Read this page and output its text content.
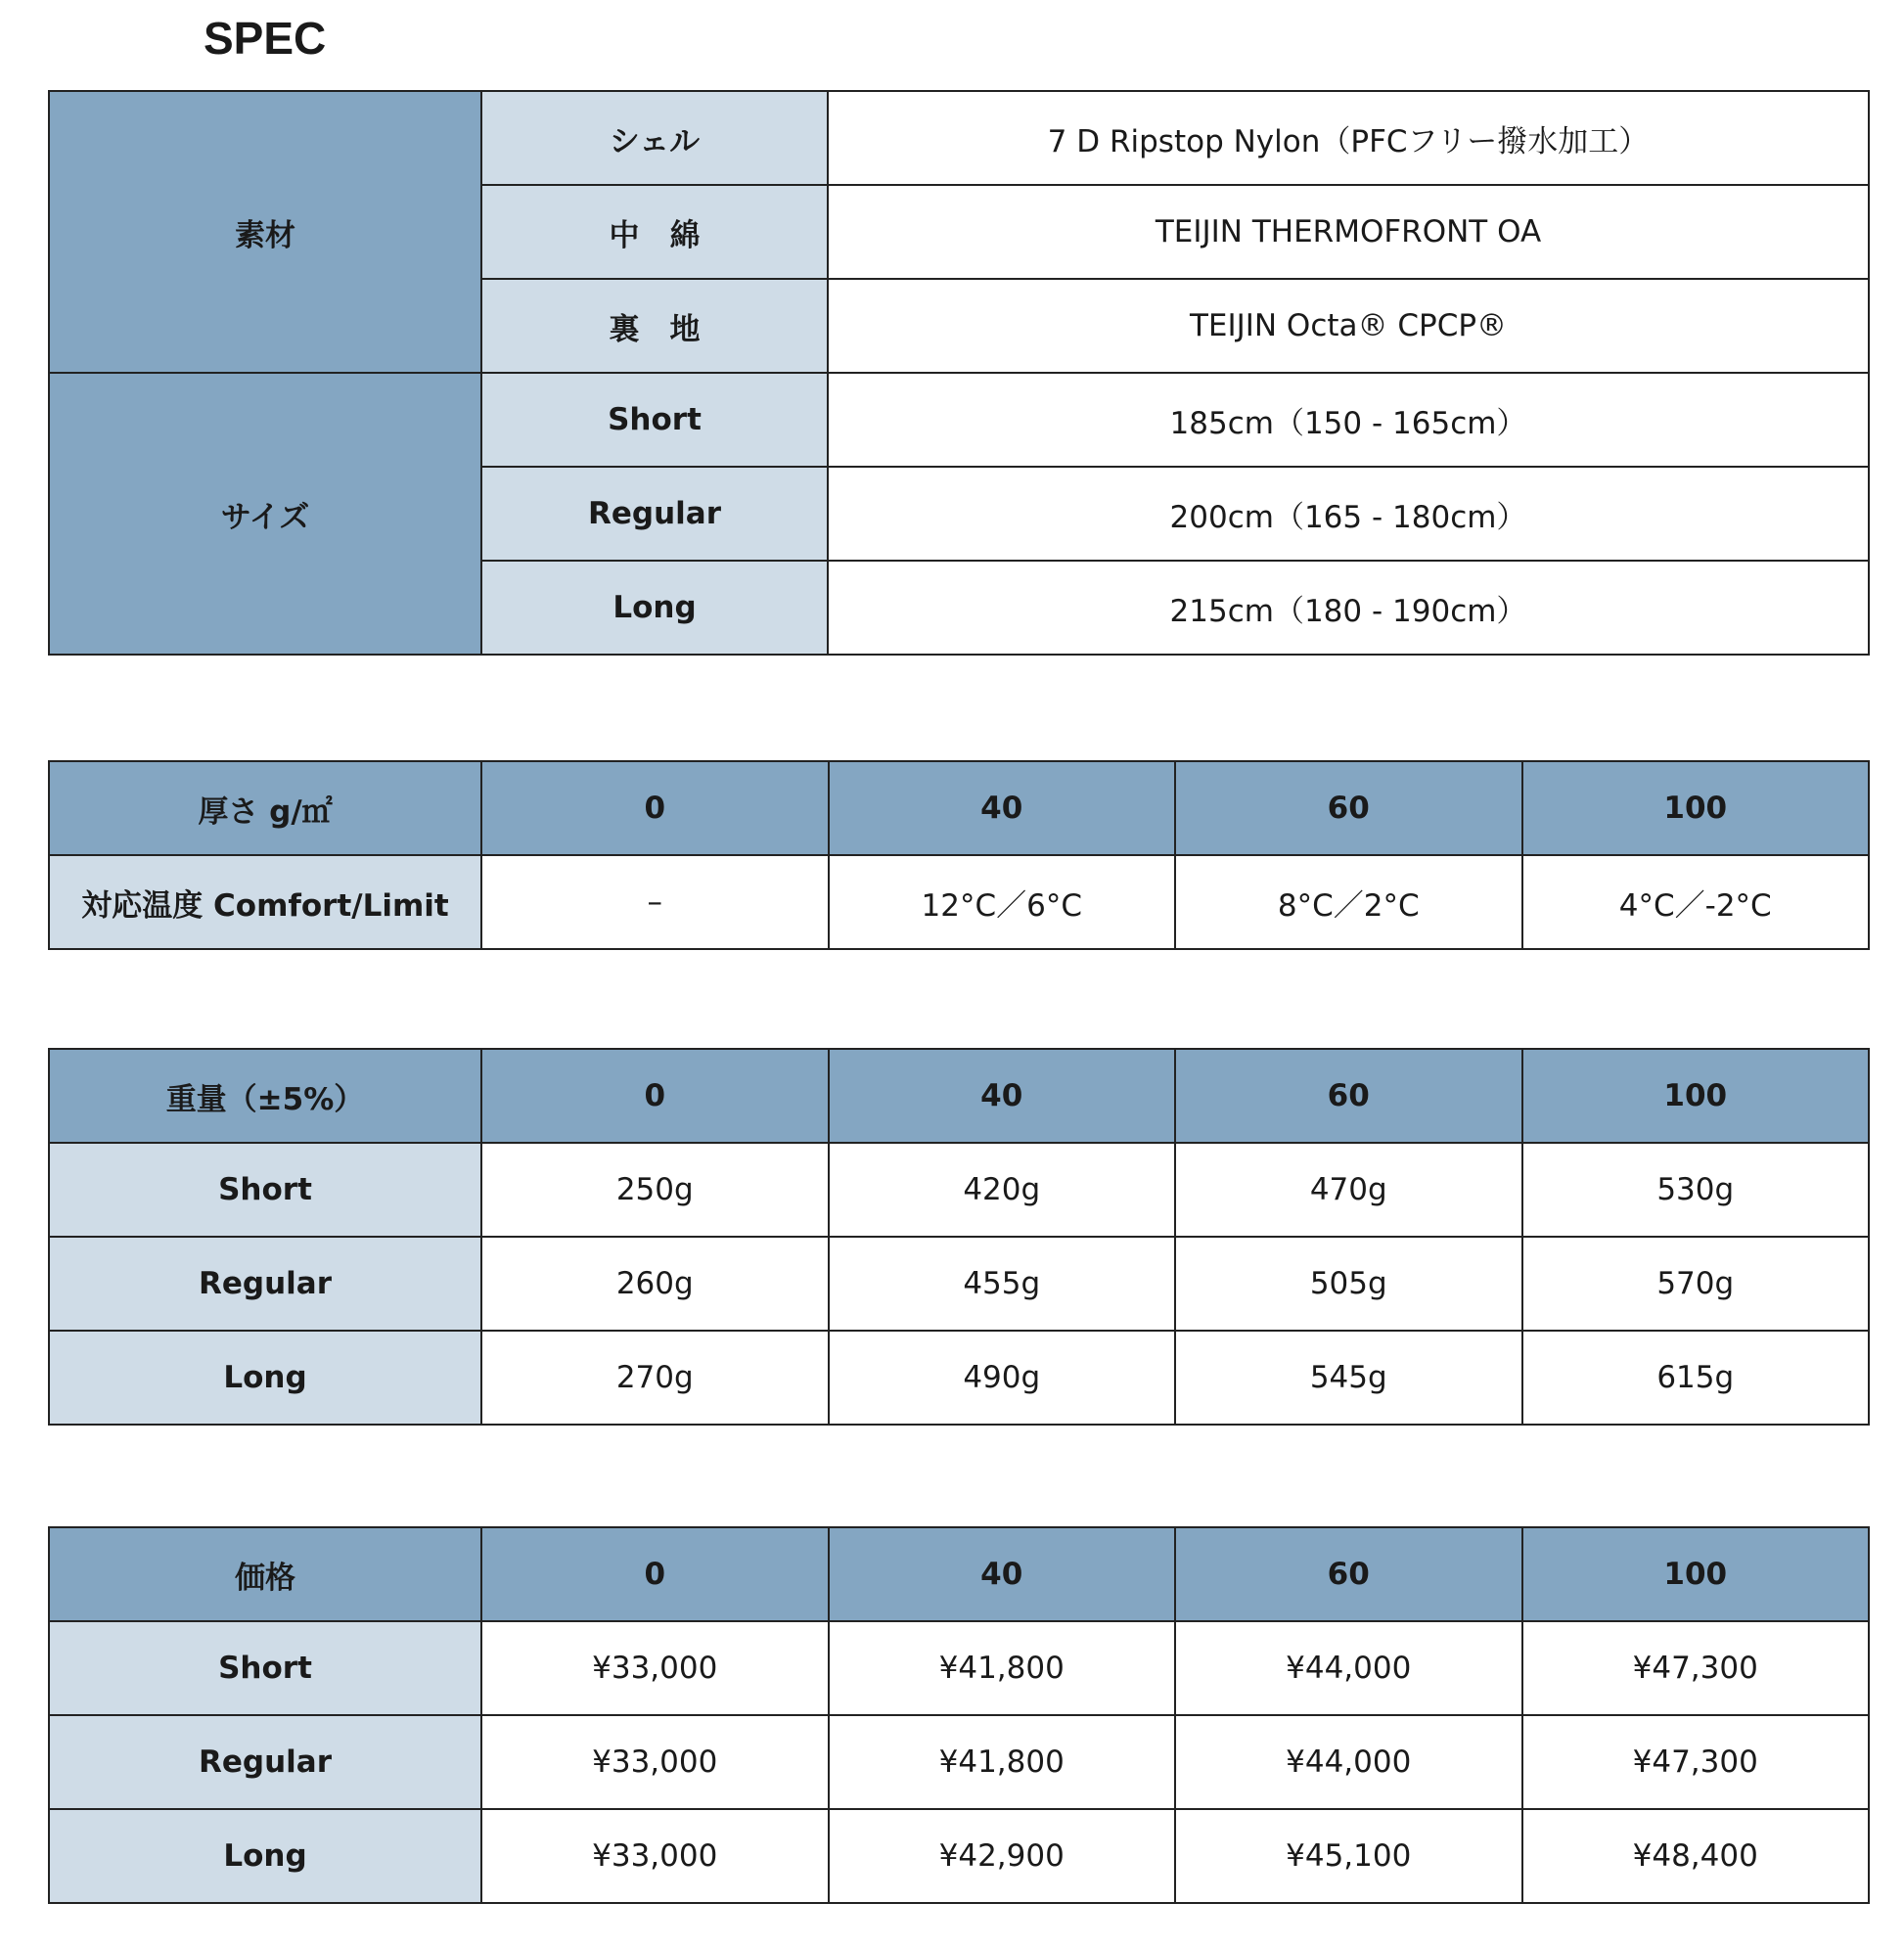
SPEC
素材	シェル	7 D Ripstop Nylon（PFCフリー撥水加工）
	中　綿	TEIJIN THERMOFRONT OA
	裏　地	TEIJIN Octa® CPCP®
サイズ	Short	185cm（150 - 165cm）
	Regular	200cm（165 - 180cm）
	Long	215cm（180 - 190cm）
厚さ g/㎡	0	40	60	100
対応温度 Comfort/Limit	–	12°C／6°C	8°C／2°C	4°C／-2°C
重量（±5%）	0	40	60	100
Short	250g	420g	470g	530g
Regular	260g	455g	505g	570g
Long	270g	490g	545g	615g
価格	0	40	60	100
Short	¥33,000	¥41,800	¥44,000	¥47,300
Regular	¥33,000	¥41,800	¥44,000	¥47,300
Long	¥33,000	¥42,900	¥45,100	¥48,400
